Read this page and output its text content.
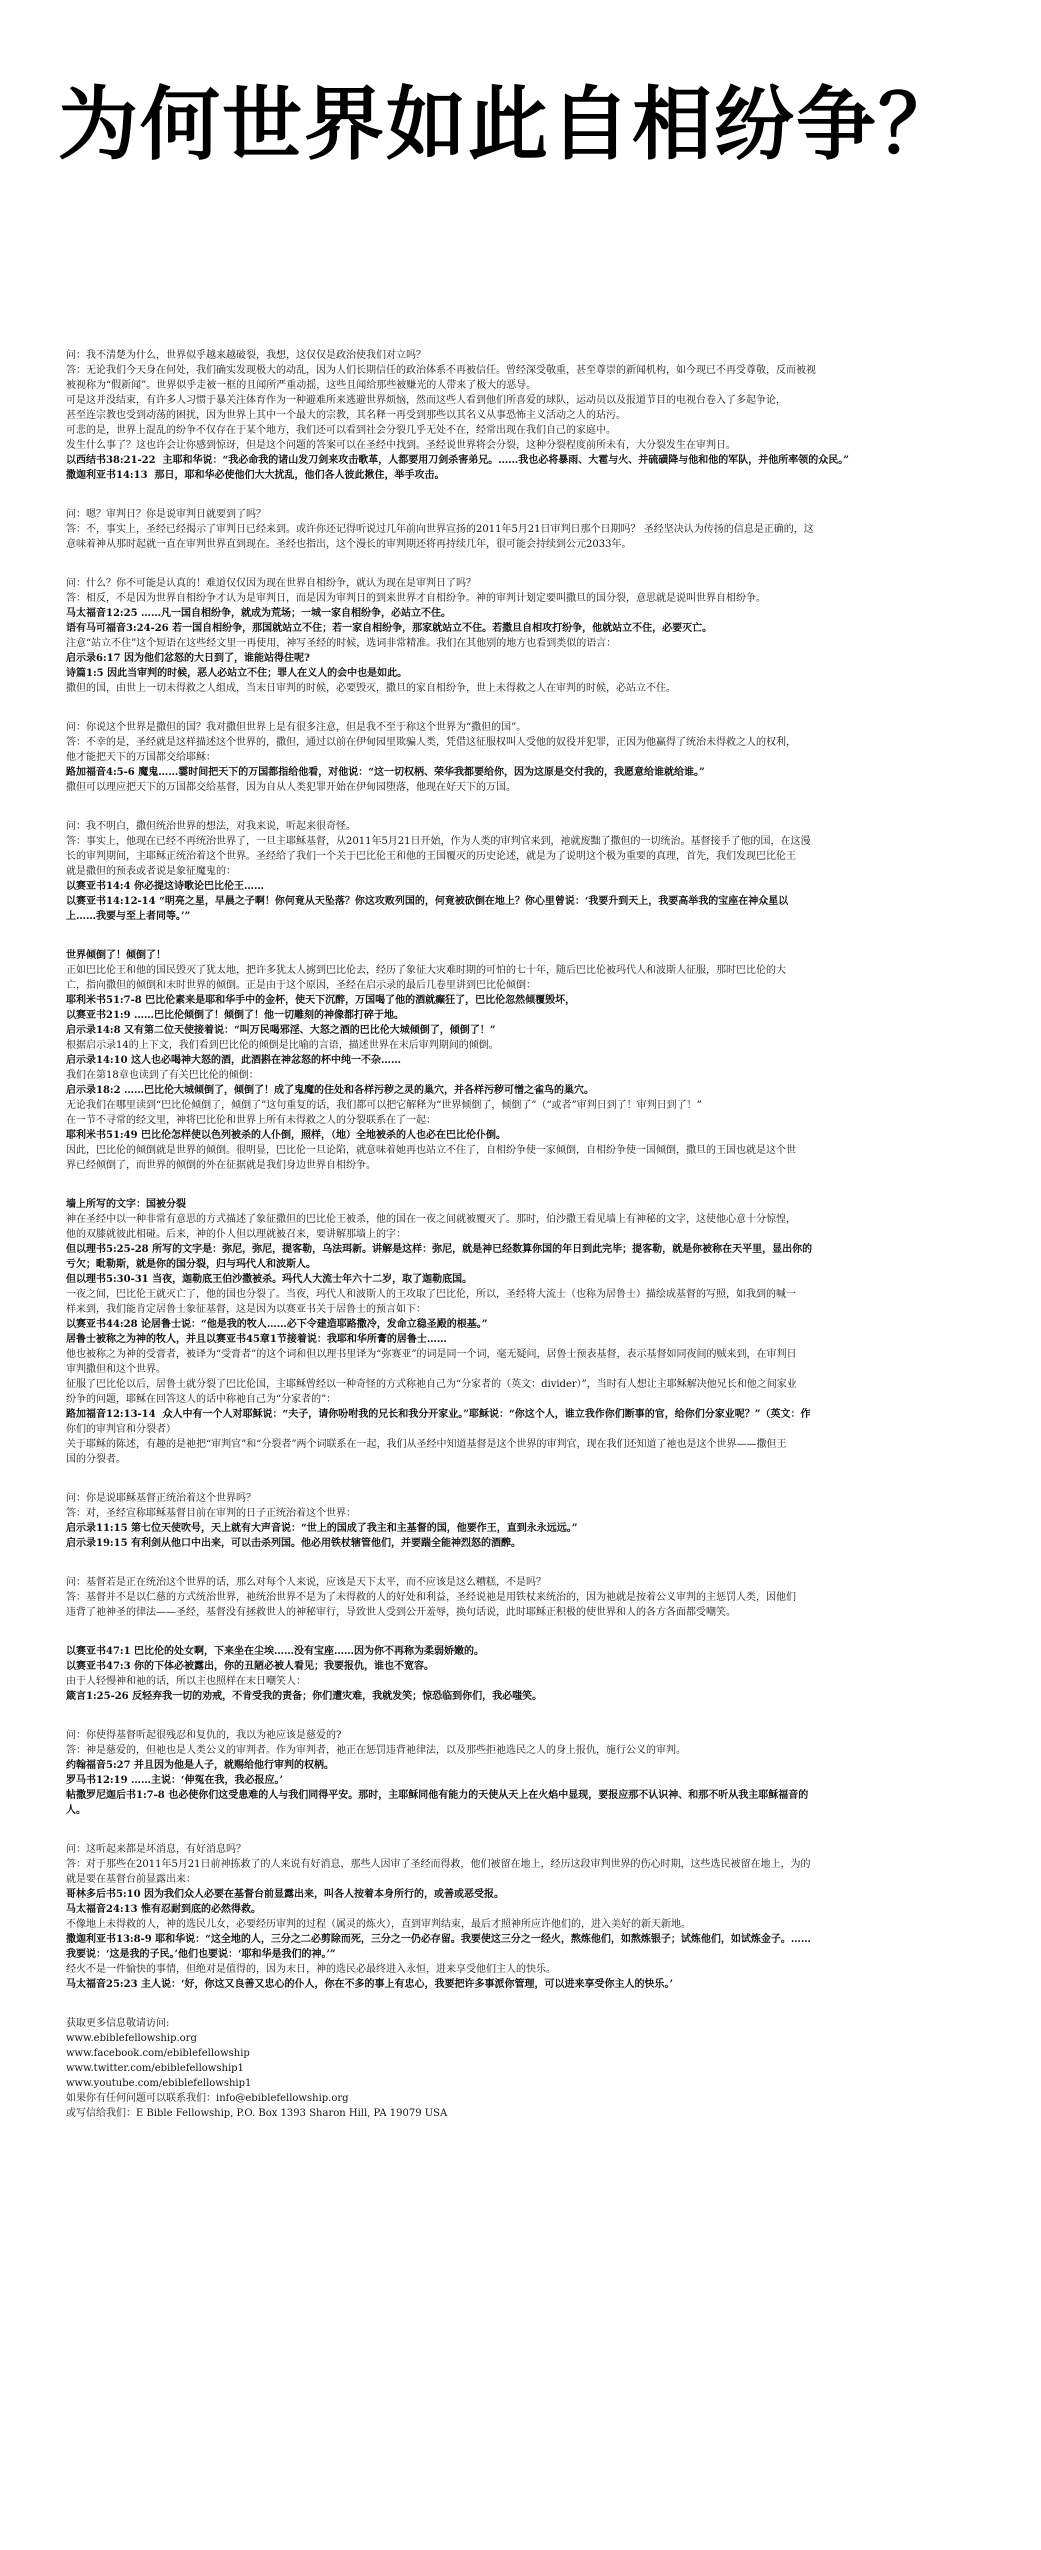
为何世界如此自相纷争？

问：我不清楚为什么，世界似乎越来越破裂，我想，这仅仅是政治使我们对立吗？

答：无论我们今天身在何处，我们确实发现极大的动乱，因为人们长期信任的政治体系不再被信任。曾经深受敬重，甚至尊崇的新闻机构，如今现已不再受尊敬，反而被视

被视称为“假新闻”。世界似乎走被一框的且闻所严重动摇，这些且闻给那些被赚光的人带来了极大的恶导。

可是这并没结束，有许多人习惯于暴关注体育作为一种避难所来逃避世界烦恼，然而这些人看到他们所喜爱的球队，运动员以及报道节目的电视台卷入了多起争论，

甚至连宗教也受到动荡的困扰，因为世界上其中一个最大的宗教，其名释一再受到那些以其名义从事恐怖主义活动之人的玷污。

可悲的是，世界上混乱的纷争不仅存在于某个地方，我们还可以看到社会分裂几乎无处不在，经常出现在我们自己的家庭中。

发生什么事了？这也许会让你感到惊讶，但是这个问题的答案可以在圣经中找到。圣经说世界将会分裂，这种分裂程度前所未有，大分裂发生在审判日。

以西结书38:21-22  主耶和华说：“我必命我的诸山发刀剑来攻击歌革，人都要用刀剑杀害弟兄。……我也必将暴雨、大雹与火、并硫磺降与他和他的军队，并他所率领的众民。”

撒迦利亚书14:13  那日，耶和华必使他们大大扰乱，他们各人彼此揪住，举手攻击。

问：嗯？审判日？你是说审判日就要到了吗？

答：不，事实上，圣经已经揭示了审判日已经来到。或许你还记得听说过几年前向世界宣扬的2011年5月21日审判日那个日期吗？ 圣经坚决认为传扬的信息是正确的，这

意味着神从那时起就一直在审判世界直到现在。圣经也指出，这个漫长的审判期还将再持续几年，很可能会持续到公元2033年。

问：什么？你不可能是认真的！难道仅仅因为现在世界自相纷争，就认为现在是审判日了吗？

答：相反，不是因为世界自相纷争才认为是审判日，而是因为审判日的到来世界才自相纷争。神的审判计划定要叫撒旦的国分裂，意思就是说叫世界自相纷争。

马太福音12:25 ……凡一国自相纷争，就成为荒场；一城一家自相纷争，必站立不住。

语有马可福音3:24-26 若一国自相纷争，那国就站立不住；若一家自相纷争，那家就站立不住。若撒旦自相攻打纷争，他就站立不住，必要灭亡。

注意“站立不住”这个短语在这些经文里一再使用，神写圣经的时候，选词非常精准。我们在其他别的地方也看到类似的语言：

启示录6:17 因为他们忿怒的大日到了，谁能站得住呢?

诗篇1:5 因此当审判的时候，恶人必站立不住；罪人在义人的会中也是如此。

撒但的国，由世上一切未得救之人组成，当末日审判的时候，必要毁灭，撒旦的家自相纷争，世上未得救之人在审判的时候，必站立不住。

问：你说这个世界是撒但的国？我对撒但世界上是有很多注意，但是我不至于称这个世界为“撒但的国”。

答：不幸的是，圣经就是这样描述这个世界的，撒但，通过以前在伊甸园里欺骗人类，凭借这征服权叫人受他的奴役并犯罪，正因为他赢得了统治未得救之人的权利，

他才能把天下的万国都交给耶稣：

路加福音4:5-6 魔鬼……霎时间把天下的万国都指给他看，对他说：“这一切权柄、荣华我都要给你，因为这原是交付我的，我愿意给谁就给谁。”

撒但可以理应把天下的万国都交给基督，因为自从人类犯罪开始在伊甸园堕落，他现在好天下的万国。

问：我不明白，撒但统治世界的想法，对我来说，听起来很奇怪。

答：事实上，他现在已经不再统治世界了，一旦主耶稣基督，从2011年5月21日开始，作为人类的审判官来到，祂就废黜了撒但的一切统治。基督接手了他的国，在这漫

长的审判期间，主耶稣正统治着这个世界。圣经给了我们一个关于巴比伦王和他的王国覆灭的历史论述，就是为了说明这个极为重要的真理，首先，我们发现巴比伦王

就是撒但的预表或者说是象征魔鬼的：

以赛亚书14:4 你必提这诗歌论巴比伦王……

以赛亚书14:12-14 “明亮之星，早晨之子啊！你何竟从天坠落？你这攻败列国的，何竟被砍倒在地上？你心里曾说：‘我要升到天上，我要高举我的宝座在神众星以

上……我要与至上者同等。’”

世界倾倒了！倾倒了！

正如巴比伦王和他的国民毁灭了犹太地，把许多犹太人掳到巴比伦去，经历了象征大灾难时期的可怕的七十年，随后巴比伦被玛代人和波斯人征服，那时巴比伦的大

亡，指向撒但的倾倒和末时世界的倾倒。正是由于这个原因，圣经在启示录的最后几卷里讲到巴比伦倾倒：

耶利米书51:7-8 巴比伦素来是耶和华手中的金杯，使天下沉醉，万国喝了他的酒就癫狂了，巴比伦忽然倾覆毁坏，

以赛亚书21:9 ……巴比伦倾倒了！倾倒了！他一切雕刻的神像都打碎于地。

启示录14:8 又有第二位天使接着说：“叫万民喝邪淫、大怒之酒的巴比伦大城倾倒了，倾倒了！”

根据启示录14的上下文，我们看到巴比伦的倾倒是比喻的言语，描述世界在末后审判期间的倾倒。

启示录14:10 这人也必喝神大怒的酒，此酒斟在神忿怒的杯中纯一不杂……

我们在第18章也读到了有关巴比伦的倾倒：

启示录18:2 ……巴比伦大城倾倒了，倾倒了！成了鬼魔的住处和各样污秽之灵的巢穴，并各样污秽可憎之雀鸟的巢穴。

无论我们在哪里读到“巴比伦倾倒了，倾倒了”这句重复的话，我们都可以把它解释为“世界倾倒了，倾倒了”（“或者”审判日到了！审判日到了！”

在一节不寻常的经文里，神将巴比伦和世界上所有未得救之人的分裂联系在了一起：

耶利米书51:49 巴比伦怎样使以色列被杀的人仆倒，照样，（地）全地被杀的人也必在巴比伦仆倒。

因此，巴比伦的倾倒就是世界的倾倒。很明显，巴比伦一旦论陷，就意味着她再也站立不住了，自相纷争使一家倾倒，自相纷争使一国倾倒，撒旦的王国也就是这个世

界已经倾倒了，而世界的倾倒的外在征据就是我们身边世界自相纷争。

墙上所写的文字：国被分裂

神在圣经中以一种非常有意思的方式描述了象征撒但的巴比伦王被杀，他的国在一夜之间就被覆灭了。那时，伯沙撒王看见墙上有神秘的文字，这使他心意十分惊惶，

他的双膝就彼此相碰。后来，神的仆人但以理就被召来，要讲解那墙上的字：

但以理书5:25-28 所写的文字是：弥尼，弥尼，提客勒，乌法珥新。讲解是这样：弥尼，就是神已经数算你国的年日到此完毕；提客勒，就是你被称在天平里，显出你的

亏欠；毗勒斯，就是你的国分裂，归与玛代人和波斯人。

但以理书5:30-31 当夜，迦勒底王伯沙撒被杀。玛代人大流士年六十二岁，取了迦勒底国。

一夜之间，巴比伦王就灭亡了，他的国也分裂了。当夜，玛代人和波斯人的王攻取了巴比伦，所以，圣经将大流士（也称为居鲁士）描绘成基督的写照，如我到的喊一

样来到，我们能肯定居鲁士象征基督，这是因为以赛亚书关于居鲁士的预言如下：

以赛亚书44:28 论居鲁士说：“他是我的牧人……必下令建造耶路撒冷，发命立稳圣殿的根基。”

居鲁士被称之为神的牧人，并且以赛亚书45章1节接着说：我耶和华所膏的居鲁士……

他也被称之为神的受膏者，被译为“受膏者”的这个词和但以理书里译为“弥赛亚”的词是同一个词，毫无疑问，居鲁士预表基督，表示基督如同夜间的贼来到，在审判日

审判撒但和这个世界。

征服了巴比伦以后，居鲁士就分裂了巴比伦国，主耶稣曾经以一种奇怪的方式称祂自己为“分家者的（英文：divider）”，当时有人想让主耶稣解决他兄长和他之间家业

纷争的问题，耶稣在回答这人的话中称祂自己为“分家者的”：

路加福音12:13-14  众人中有一个人对耶稣说：“夫子，请你吩咐我的兄长和我分开家业。”耶稣说：“你这个人，谁立我作你们断事的官，给你们分家业呢？”（英文：作

你们的审判官和分裂者）

关于耶稣的陈述，有趣的是祂把“审判官”和“分裂者”两个词联系在一起，我们从圣经中知道基督是这个世界的审判官，现在我们还知道了祂也是这个世界——撒但王

国的分裂者。

问：你是说耶稣基督正统治着这个世界吗？

答：对，圣经宣称耶稣基督目前在审判的日子正统治着这个世界：

启示录11:15 第七位天使吹号，天上就有大声音说：“世上的国成了我主和主基督的国，他要作王，直到永永远远。”

启示录19:15 有利剑从他口中出来，可以击杀列国。他必用铁杖辖管他们，并要踹全能神烈怒的酒醡。

问：基督若是正在统治这个世界的话，那么对每个人来说，应该是天下太平，而不应该是这么糟糕，不是吗？

答：基督并不是以仁慈的方式统治世界，祂统治世界不是为了未得救的人的好处和利益，圣经说祂是用铁杖来统治的，因为祂就是按着公义审判的主惩罚人类，因他们

违背了祂神圣的律法——圣经，基督没有拯救世人的神秘审行，导致世人受到公开羞辱，换句话说，此时耶稣正积极的使世界和人的各方各面都受嘲笑。

以赛亚书47:1 巴比伦的处女啊，下来坐在尘埃……没有宝座……因为你不再称为柔弱娇嫩的。

以赛亚书47:3 你的下体必被露出，你的丑陋必被人看见；我要报仇，谁也不宽容。

由于人轻慢神和祂的话，所以主也照样在末日嘲笑人：

箴言1:25-26 反轻弃我一切的劝戒，不肯受我的责备；你们遭灾难，我就发笑；惊恐临到你们，我必嗤笑。

问：你使得基督听起很残忍和复仇的，我以为祂应该是慈爱的?

答：神是慈爱的，但祂也是人类公义的审判者。作为审判者，祂正在惩罚违背祂律法，以及那些拒祂选民之人的身上报仇，施行公义的审判。

约翰福音5:27 并且因为他是人子，就赐给他行审判的权柄。

罗马书12:19 ……主说：‘伸冤在我，我必报应。’

帖撒罗尼迦后书1:7-8 也必使你们这受患难的人与我们同得平安。那时，主耶稣同他有能力的天使从天上在火焰中显现，要报应那不认识神、和那不听从我主耶稣福音的

人。

问：这听起来都是坏消息，有好消息吗？

答：对于那些在2011年5月21日前神拣救了的人来说有好消息，那些人因审了圣经而得救，他们被留在地上，经历这段审判世界的伤心时期，这些选民被留在地上，为的

就是要在基督台前显露出来：

哥林多后书5:10 因为我们众人必要在基督台前显露出来，叫各人按着本身所行的，或善或恶受报。

马太福音24:13 惟有忍耐到底的必然得救。

不像地上未得救的人，神的选民儿女，必要经历审判的过程（属灵的炼火），直到审判结束，最后才照神所应许他们的，进入美好的新天新地。

撒迦利亚书13:8-9 耶和华说：“这全地的人，三分之二必剪除而死，三分之一仍必存留。我要使这三分之一经火，熬炼他们，如熬炼银子；试炼他们，如试炼金子。……

我要说：‘这是我的子民。’他们也要说：‘耶和华是我们的神。’”

经火不是一件愉快的事情，但绝对是值得的，因为末日，神的选民必最终进入永恒，进来享受他们主人的快乐。

马太福音25:23 主人说：‘好，你这又良善又忠心的仆人，你在不多的事上有忠心，我要把许多事派你管理，可以进来享受你主人的快乐。’

获取更多信息敬请访问:

www.ebiblefellowship.org

www.facebook.com/ebiblefellowship

www.twitter.com/ebiblefellowship1

www.youtube.com/ebiblefellowship1

如果你有任何问题可以联系我们：info@ebiblefellowship.org

或写信给我们：E Bible Fellowship, P.O. Box 1393 Sharon Hill, PA 19079 USA
